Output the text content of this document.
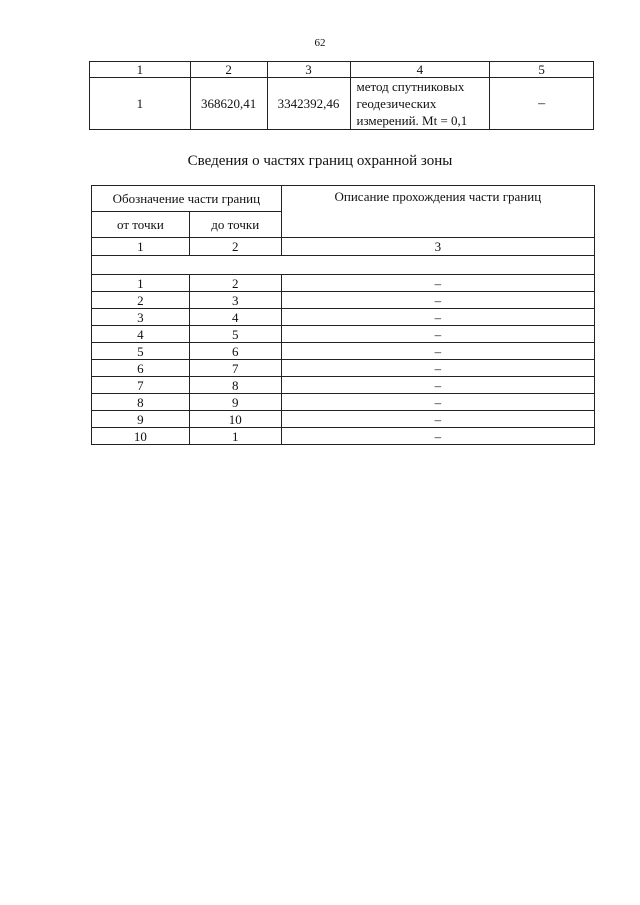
62
1	2	3	4	5
1	368620,41	3342392,46	метод спутниковых
геодезических
измерений. Mt = 0,1	–
Сведения о частях границ охранной зоны
Обозначение части границ		Описание прохождения части границ
от точки	до точки	
1	2	3

1	2	–
2	3	–
3	4	–
4	5	–
5	6	–
6	7	–
7	8	–
8	9	–
9	10	–
10	1	–
